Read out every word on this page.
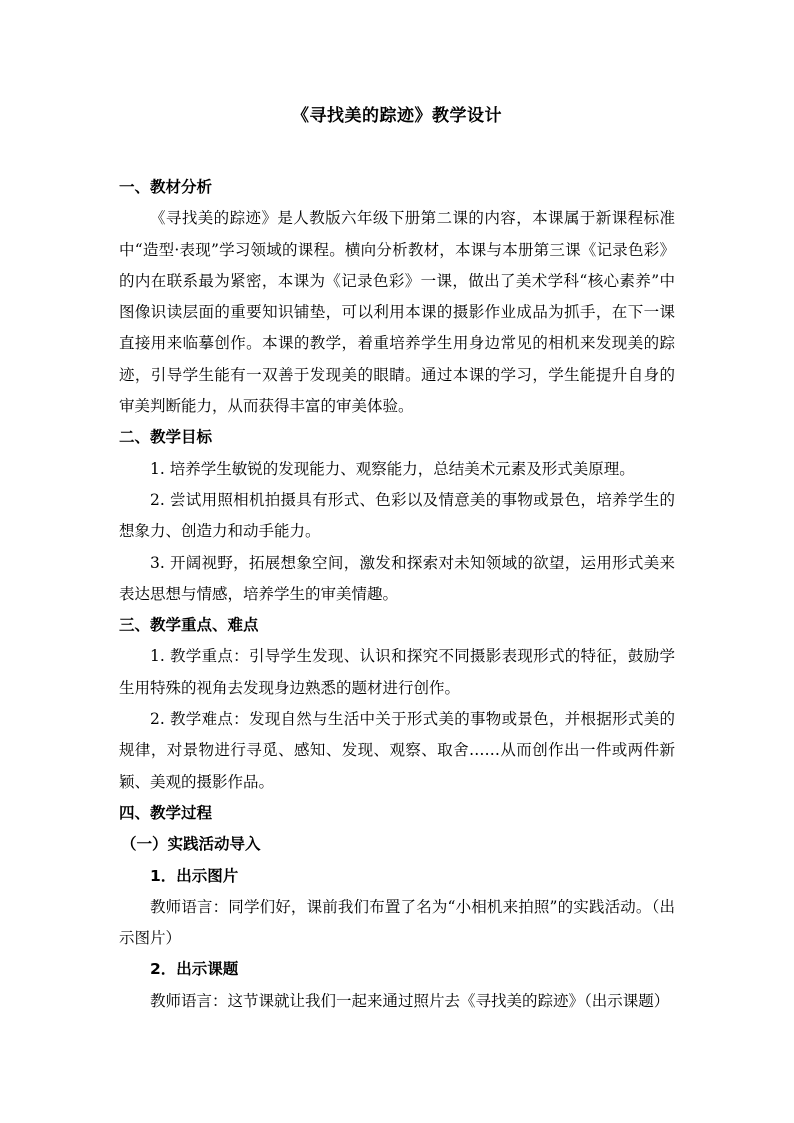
《寻找美的踪迹》教学设计

一、教材分析

《寻找美的踪迹》是人教版六年级下册第二课的内容，本课属于新课程标准中“造型·表现”学习领域的课程。横向分析教材，本课与本册第三课《记录色彩》的内在联系最为紧密，本课为《记录色彩》一课，做出了美术学科“核心素养”中图像识读层面的重要知识铺垫，可以利用本课的摄影作业成品为抓手，在下一课直接用来临摹创作。本课的教学，着重培养学生用身边常见的相机来发现美的踪迹，引导学生能有一双善于发现美的眼睛。通过本课的学习，学生能提升自身的审美判断能力，从而获得丰富的审美体验。

二、教学目标

1. 培养学生敏锐的发现能力、观察能力，总结美术元素及形式美原理。

2. 尝试用照相机拍摄具有形式、色彩以及情意美的事物或景色，培养学生的想象力、创造力和动手能力。

3. 开阔视野，拓展想象空间，激发和探索对未知领域的欲望，运用形式美来表达思想与情感，培养学生的审美情趣。

三、教学重点、难点

1. 教学重点：引导学生发现、认识和探究不同摄影表现形式的特征，鼓励学生用特殊的视角去发现身边熟悉的题材进行创作。

2. 教学难点：发现自然与生活中关于形式美的事物或景色，并根据形式美的规律，对景物进行寻觅、感知、发现、观察、取舍……从而创作出一件或两件新颖、美观的摄影作品。

四、教学过程

（一）实践活动导入

1．出示图片

教师语言：同学们好，课前我们布置了名为“小相机来拍照”的实践活动。（出示图片）

2．出示课题

教师语言：这节课就让我们一起来通过照片去《寻找美的踪迹》（出示课题）
